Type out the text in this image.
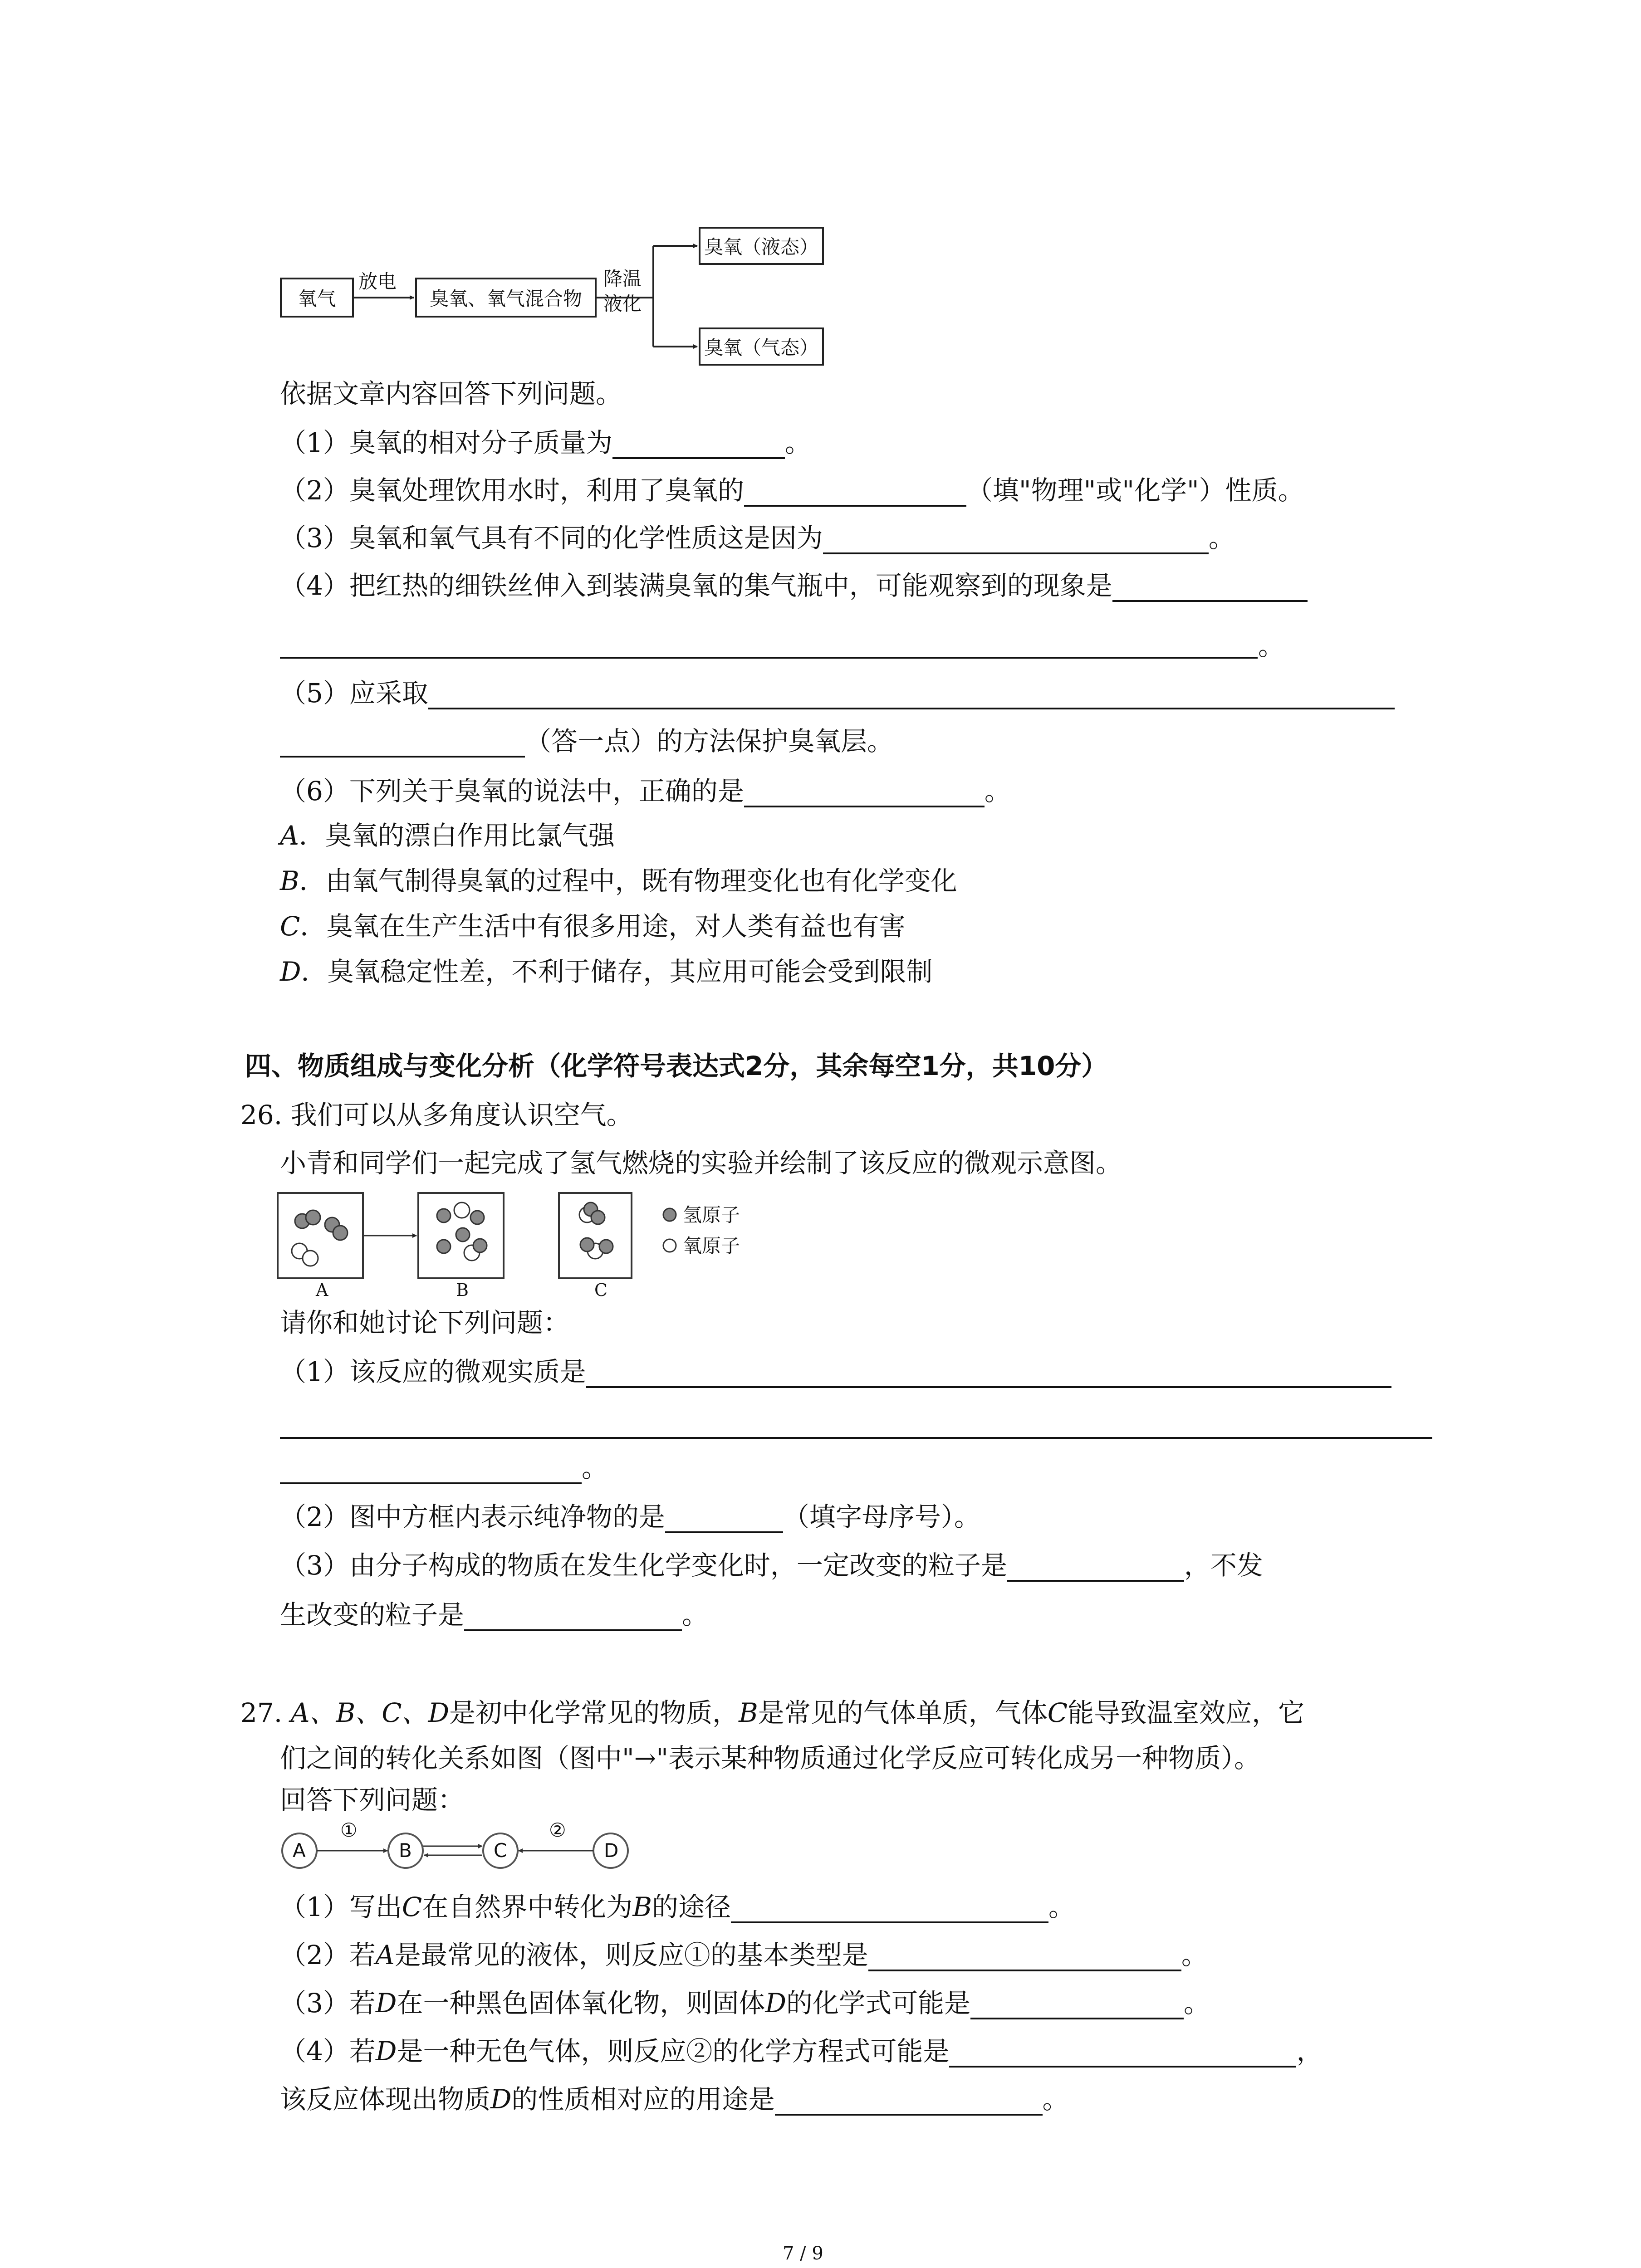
氧气
放电
臭氧、氧气混合物
降温
液化
臭氧（液态）
臭氧（气态）
依据文章内容回答下列问题。
（1）臭氧的相对分子质量为	。
（2）臭氧处理饮用水时，利用了臭氧的	（填"物理"或"化学"）性质。
（3）臭氧和氧气具有不同的化学性质这是因为	。
（4）把红热的细铁丝伸入到装满臭氧的集气瓶中，可能观察到的现象是
。
（5）应采取
（答一点）的方法保护臭氧层。
（6）下列关于臭氧的说法中，正确的是	。
A．臭氧的漂白作用比氯气强
B．由氧气制得臭氧的过程中，既有物理变化也有化学变化
C．臭氧在生产生活中有很多用途，对人类有益也有害
D．臭氧稳定性差，不利于储存，其应用可能会受到限制
四、物质组成与变化分析（化学符号表达式2分，其余每空1分，共10分）
26. 我们可以从多角度认识空气。
小青和同学们一起完成了氢气燃烧的实验并绘制了该反应的微观示意图。
氢原子
氧原子
A	B	C
请你和她讨论下列问题：
（1）该反应的微观实质是
。
（2）图中方框内表示纯净物的是	（填字母序号）。
（3）由分子构成的物质在发生化学变化时，一定改变的粒子是	，不发
生改变的粒子是	。
27. A、B、C、D是初中化学常见的物质，B是常见的气体单质，气体C能导致温室效应，它
们之间的转化关系如图（图中"→"表示某种物质通过化学反应可转化成另一种物质）。
回答下列问题：
A	B	C	D
①	②
（1）写出C在自然界中转化为B的途径	。
（2）若A是最常见的液体，则反应①的基本类型是	。
（3）若D在一种黑色固体氧化物，则固体D的化学式可能是	。
（4）若D是一种无色气体，则反应②的化学方程式可能是	，
该反应体现出物质D的性质相对应的用途是	。
7 / 9
